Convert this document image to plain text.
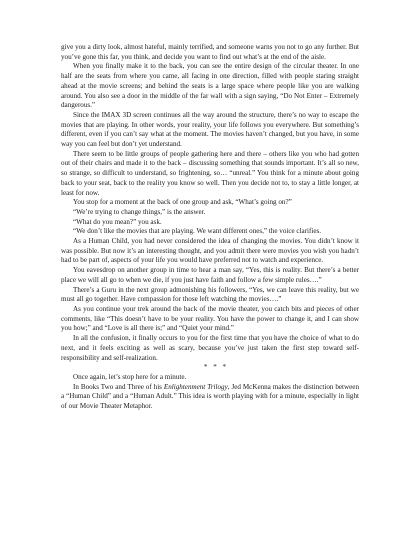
give you a dirty look, almost hateful, mainly terrified, and someone warns you not to go any further. But you’ve gone this far, you think, and decide you want to find out what’s at the end of the aisle.

When you finally make it to the back, you can see the entire design of the circular theater. In one half are the seats from where you came, all facing in one direction, filled with people staring straight ahead at the movie screens; and behind the seats is a large space where people like you are walking around. You also see a door in the middle of the far wall with a sign saying, “Do Not Enter – Extremely dangerous.”

Since the IMAX 3D screen continues all the way around the structure, there’s no way to escape the movies that are playing. In other words, your reality, your life follows you everywhere. But something’s different, even if you can’t say what at the moment. The movies haven’t changed, but you have, in some way you can feel but don’t yet understand.

There seem to be little groups of people gathering here and there – others like you who had gotten out of their chairs and made it to the back – discussing something that sounds important. It’s all so new, so strange, so difficult to understand, so frightening, so… “unreal.” You think for a minute about going back to your seat, back to the reality you know so well. Then you decide not to, to stay a little longer, at least for now.

You stop for a moment at the back of one group and ask, “What’s going on?”

“We’re trying to change things,” is the answer.

“What do you mean?” you ask.

“We don’t like the movies that are playing. We want different ones,” the voice clarifies.

As a Human Child, you had never considered the idea of changing the movies. You didn’t know it was possible. But now it’s an interesting thought, and you admit there were movies you wish you hadn’t had to be part of, aspects of your life you would have preferred not to watch and experience.

You eavesdrop on another group in time to hear a man say, “Yes, this is reality. But there’s a better place we will all go to when we die, if you just have faith and follow a few simple rules….”

There’s a Guru in the next group admonishing his followers, “Yes, we can leave this reality, but we must all go together. Have compassion for those left watching the movies….”

As you continue your trek around the back of the movie theater, you catch bits and pieces of other comments, like “This doesn’t have to be your reality. You have the power to change it, and I can show you how;” and “Love is all there is;” and “Quiet your mind.”

In all the confusion, it finally occurs to you for the first time that you have the choice of what to do next, and it feels exciting as well as scary, because you’ve just taken the first step toward self-responsibility and self-realization.

* * *

Once again, let’s stop here for a minute.

In Books Two and Three of his Enlightenment Trilogy, Jed McKenna makes the distinction between a “Human Child” and a “Human Adult.” This idea is worth playing with for a minute, especially in light of our Movie Theater Metaphor.
